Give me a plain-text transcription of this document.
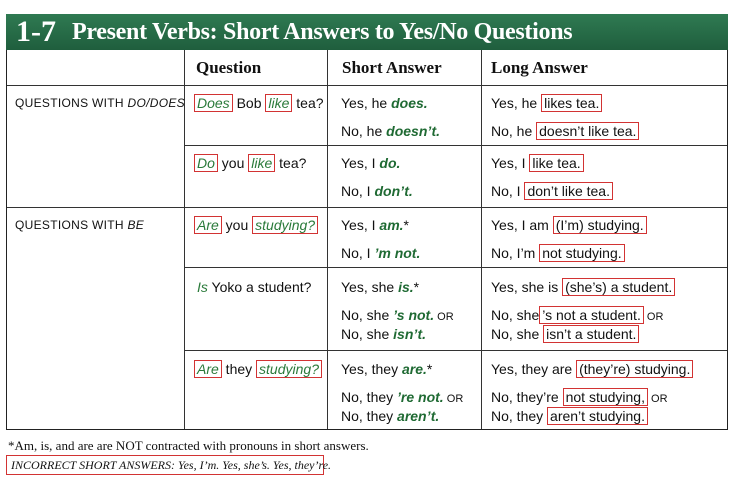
1-7 Present Verbs: Short Answers to Yes/No Questions
Question	Short Answer	Long Answer
QUESTIONS WITH DO/DOES
QUESTIONS WITH BE
Does Bob like tea? Yes, he does.
No, he doesn’t.
Yes, he likes tea.
No, he doesn’t like tea.
Do you like tea? Yes, I do.
No, I don’t.
Yes, I like tea.
No, I don’t like tea.
Are you studying? Yes, I am.*
No, I ’m not.
Yes, I am (I’m) studying.
No, I’m not studying.
Is Yoko a student? Yes, she is.*
No, she ’s not. OR
No, she isn’t.
Yes, she is (she’s) a student.
No, she ’s not a student. OR
No, she isn’t a student.
Are they studying? Yes, they are.*
No, they ’re not. OR
No, they aren’t.
Yes, they are (they’re) studying.
No, they’re not studying, OR
No, they aren’t studying.
*Am, is, and are are NOT contracted with pronouns in short answers.
INCORRECT SHORT ANSWERS: Yes, I’m. Yes, she’s. Yes, they’re.
